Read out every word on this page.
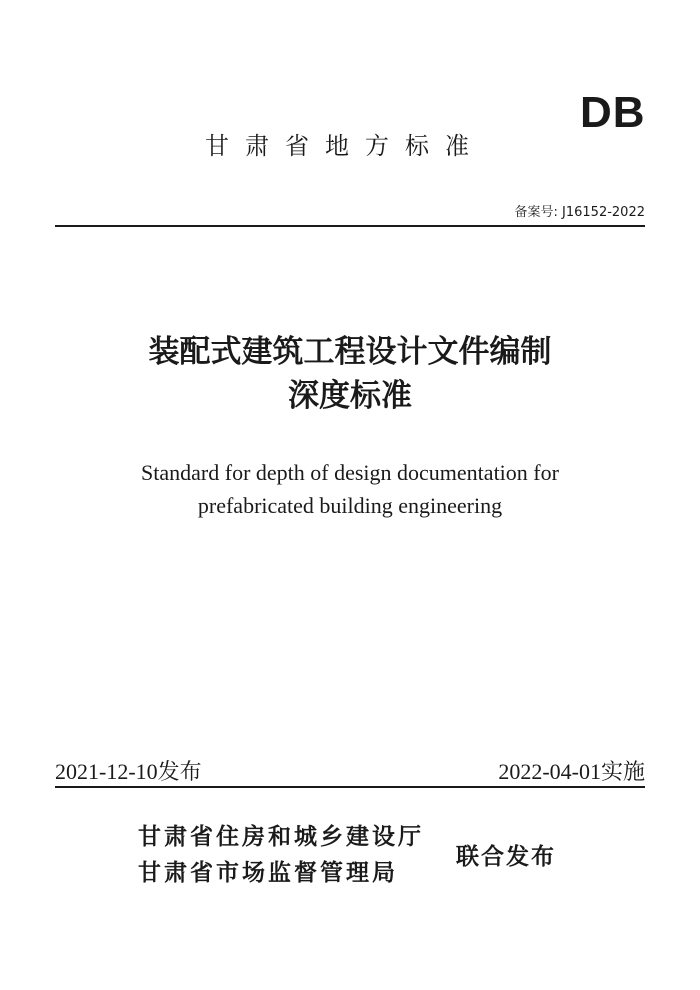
甘肃省地方标准
DB
备案号: J16152-2022
装配式建筑工程设计文件编制
深度标准
Standard for depth of design documentation for
prefabricated building engineering
2021-12-10发布	2022-04-01实施
甘肃省住房和城乡建设厅
甘肃省市场监督管理局
联合发布
